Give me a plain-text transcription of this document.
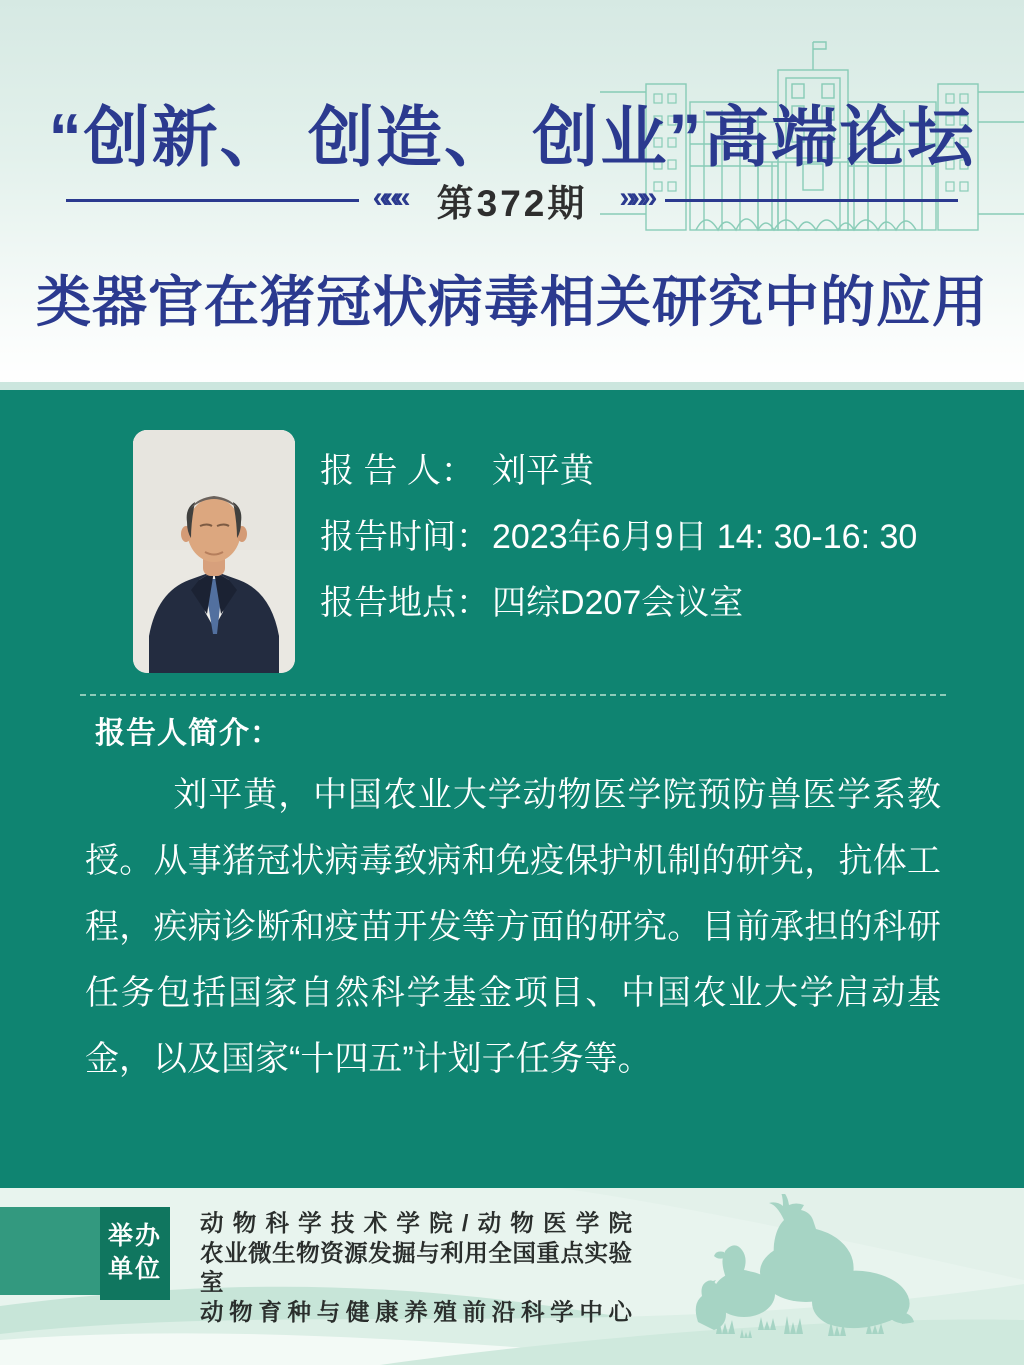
“创新、 创造、 创业”高端论坛
««« 第372期 »»»
类器官在猪冠状病毒相关研究中的应用
报 告 人： 刘平黄
报告时间： 2023年6月9日 14: 30-16: 30
报告地点： 四综D207会议室
报告人简介：

刘平黄，中国农业大学动物医学院预防兽医学系教授。从事猪冠状病毒致病和免疫保护机制的研究，抗体工程，疾病诊断和疫苗开发等方面的研究。目前承担的科研任务包括国家自然科学基金项目、中国农业大学启动基金，以及国家“十四五”计划子任务等。

举办
单位
动物科学技术学院/动物医学院
农业微生物资源发掘与利用全国重点实验室
动物育种与健康养殖前沿科学中心
